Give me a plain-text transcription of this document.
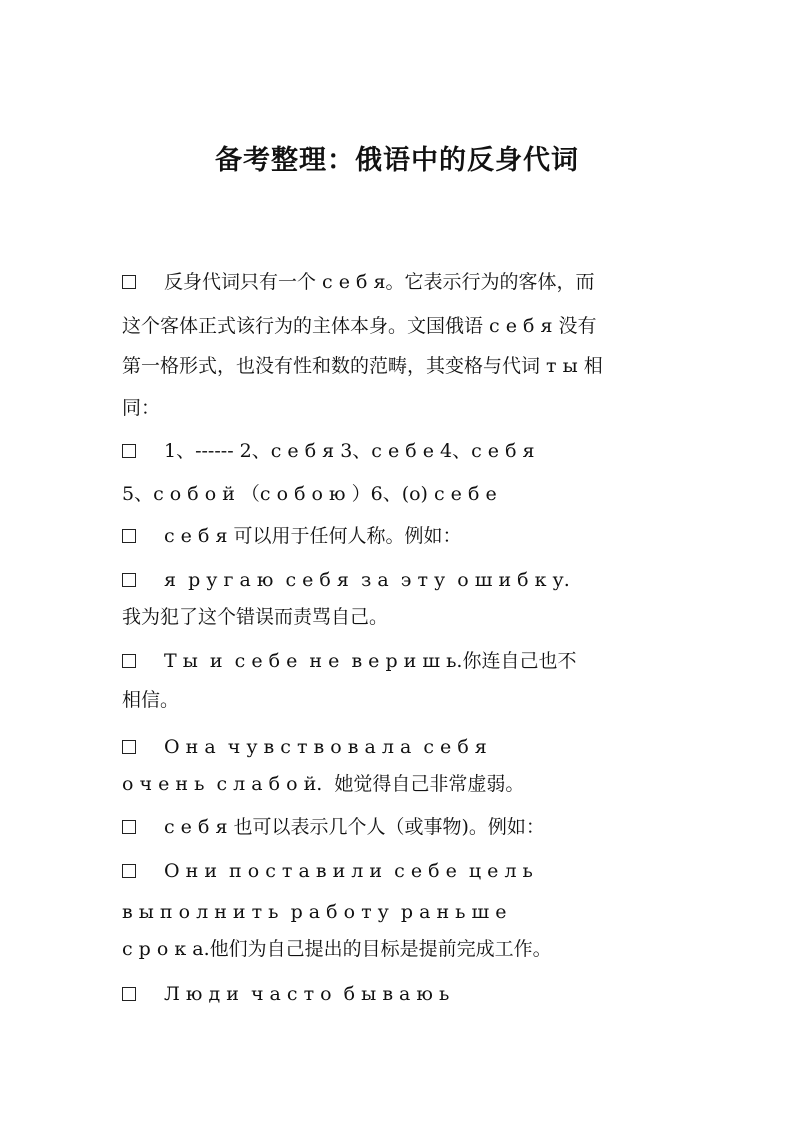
备考整理：俄语中的反身代词
反身代词只有一个 с е б я。它表示行为的客体，而
这个客体正式该行为的主体本身。文国俄语 с е б я 没有
第一格形式，也没有性和数的范畴，其变格与代词 т ы 相
同：
1、------ 2、с е б я 3、с е б е 4、с е б я
5、с о б о й （с о б о ю ）6、(о) с е б е
с е б я 可以用于任何人称。例如：
я  р у г а ю  с е б я  з а  э т у  о ш и б к у.
我为犯了这个错误而责骂自己。
Т ы  и  с е б е  н е  в е р и ш ь.你连自己也不
相信。
О н а  ч у в с т в о в а л а  с е б я
о ч е н ь  с л а б о й.  她觉得自己非常虚弱。
с е б я 也可以表示几个人（或事物)。例如：
О н и  п о с т а в и л и  с е б е  ц е л ь
в ы п о л н и т ь  р а б о т у  р а н ь ш е
с р о к а.他们为自己提出的目标是提前完成工作。
Л ю д и  ч а с т о  б ы в а ю ь
